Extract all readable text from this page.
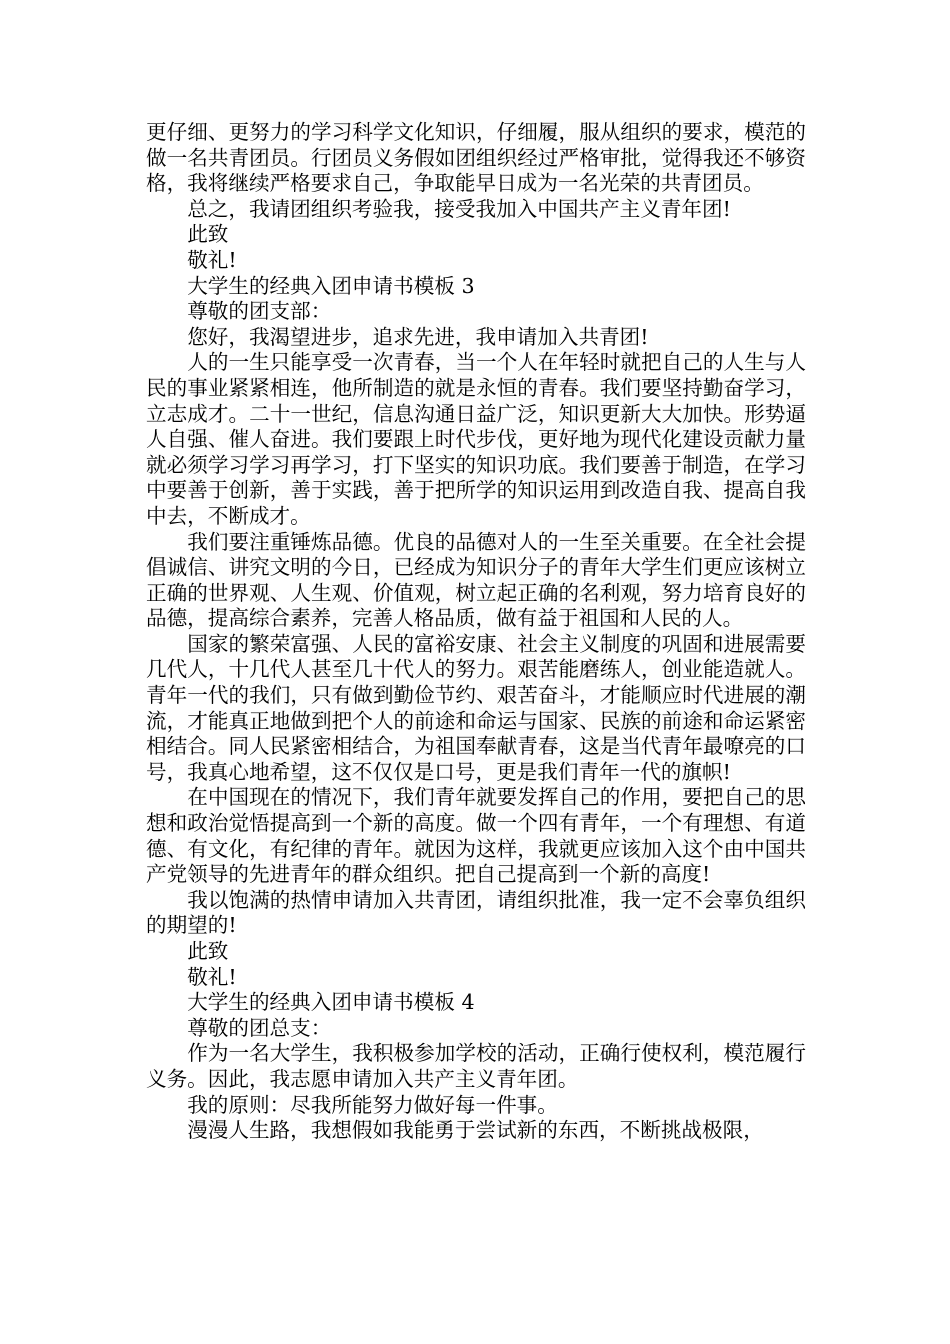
更仔细、更努力的学习科学文化知识，仔细履，服从组织的要求，模范的做一名共青团员。行团员义务假如团组织经过严格审批，觉得我还不够资格，我将继续严格要求自己，争取能早日成为一名光荣的共青团员。

总之，我请团组织考验我，接受我加入中国共产主义青年团!

此致

敬礼!

大学生的经典入团申请书模板 3

尊敬的团支部：

您好，我渴望进步，追求先进，我申请加入共青团!

人的一生只能享受一次青春，当一个人在年轻时就把自己的人生与人民的事业紧紧相连，他所制造的就是永恒的青春。我们要坚持勤奋学习，立志成才。二十一世纪，信息沟通日益广泛，知识更新大大加快。形势逼人自强、催人奋进。我们要跟上时代步伐，更好地为现代化建设贡献力量就必须学习学习再学习，打下坚实的知识功底。我们要善于制造，在学习中要善于创新，善于实践，善于把所学的知识运用到改造自我、提高自我中去，不断成才。

我们要注重锤炼品德。优良的品德对人的一生至关重要。在全社会提倡诚信、讲究文明的今日，已经成为知识分子的青年大学生们更应该树立正确的世界观、人生观、价值观，树立起正确的名利观，努力培育良好的品德，提高综合素养，完善人格品质，做有益于祖国和人民的人。

国家的繁荣富强、人民的富裕安康、社会主义制度的巩固和进展需要几代人，十几代人甚至几十代人的努力。艰苦能磨练人，创业能造就人。青年一代的我们，只有做到勤俭节约、艰苦奋斗，才能顺应时代进展的潮流，才能真正地做到把个人的前途和命运与国家、民族的前途和命运紧密相结合。同人民紧密相结合，为祖国奉献青春，这是当代青年最嘹亮的口号，我真心地希望，这不仅仅是口号，更是我们青年一代的旗帜!

在中国现在的情况下，我们青年就要发挥自己的作用，要把自己的思想和政治觉悟提高到一个新的高度。做一个四有青年，一个有理想、有道德、有文化，有纪律的青年。就因为这样，我就更应该加入这个由中国共产党领导的先进青年的群众组织。把自己提高到一个新的高度!

我以饱满的热情申请加入共青团，请组织批准，我一定不会辜负组织的期望的!

此致

敬礼!

大学生的经典入团申请书模板 4

尊敬的团总支：

作为一名大学生，我积极参加学校的活动，正确行使权利，模范履行义务。因此，我志愿申请加入共产主义青年团。

我的原则：尽我所能努力做好每一件事。

漫漫人生路，我想假如我能勇于尝试新的东西，不断挑战极限，
